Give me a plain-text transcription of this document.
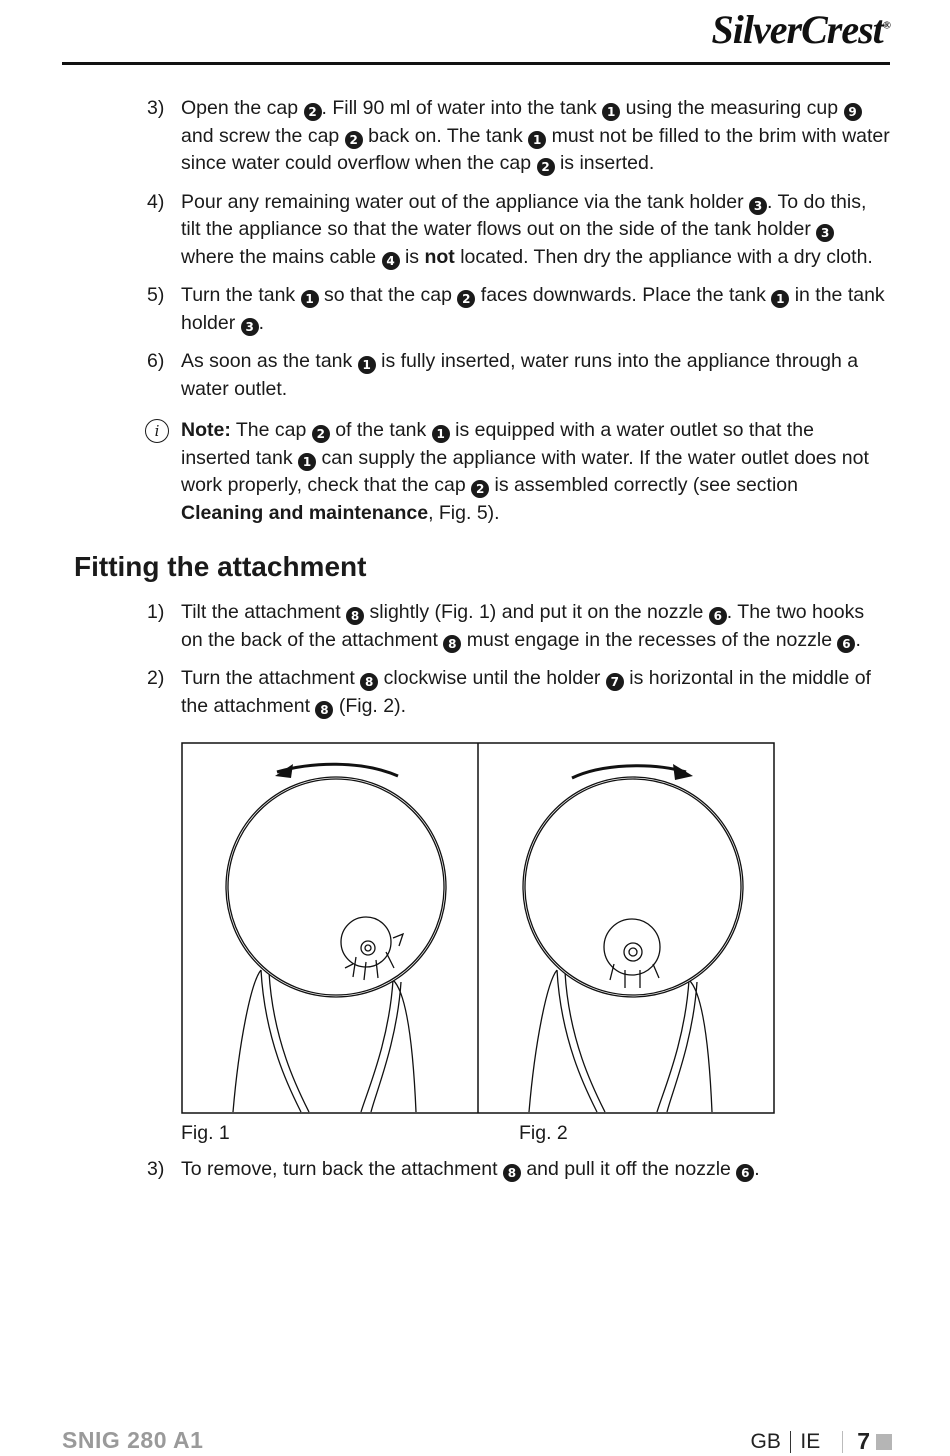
SilverCrest®
3) Open the cap 2 . Fill 90 ml of water into the tank 1 using the measuring cup 9 and screw the cap 2 back on. The tank 1 must not be filled to the brim with water since water could overflow when the cap 2 is inserted.
4) Pour any remaining water out of the appliance via the tank holder 3 . To do this, tilt the appliance so that the water flows out on the side of the tank holder 3 where the mains cable 4 is not located. Then dry the appliance with a dry cloth.
5) Turn the tank 1 so that the cap 2 faces downwards. Place the tank 1 in the tank holder 3 .
6) As soon as the tank 1 is fully inserted, water runs into the appliance through a water outlet.
i	Note: The cap 2 of the tank 1 is equipped with a water outlet so that the inserted tank 1 can supply the appliance with water. If the water outlet does not work properly, check that the cap 2 is assembled correctly (see section Cleaning and maintenance, Fig. 5).
Fitting the attachment
1) Tilt the attachment 8 slightly (Fig. 1) and put it on the nozzle 6 . The two hooks on the back of the attachment 8 must engage in the recesses of the nozzle 6 .
2) Turn the attachment 8 clockwise until the holder 7 is horizontal in the middle of the attachment 8 (Fig. 2).
Fig. 1	Fig. 2
3) To remove, turn back the attachment 8 and pull it off the nozzle 6 .
SNIG 280 A1	GB IE 7
